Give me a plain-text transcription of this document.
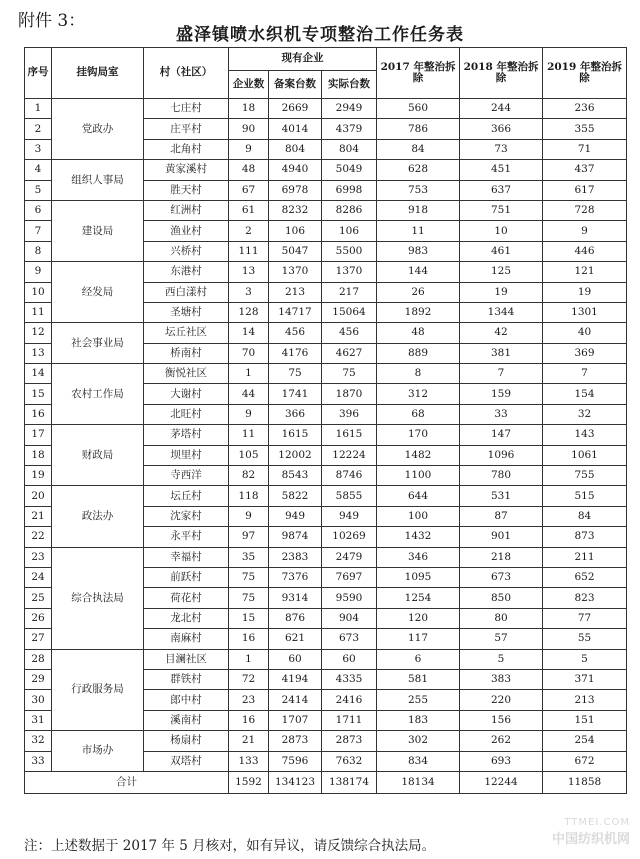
附件 3：
盛泽镇喷水织机专项整治工作任务表
序号	挂钩局室	村（社区）	现有企业			2017 年整治拆除	2018 年整治拆除	2019 年整治拆除
			企业数	备案台数	实际台数			
1	党政办	七庄村	18	2669	2949	560	244	236
2		庄平村	90	4014	4379	786	366	355
3		北角村	9	804	804	84	73	71
4	组织人事局	黄家溪村	48	4940	5049	628	451	437
5		胜天村	67	6978	6998	753	637	617
6	建设局	红洲村	61	8232	8286	918	751	728
7		渔业村	2	106	106	11	10	9
8		兴桥村	111	5047	5500	983	461	446
9	经发局	东港村	13	1370	1370	144	125	121
10		西白漾村	3	213	217	26	19	19
11		圣塘村	128	14717	15064	1892	1344	1301
12	社会事业局	坛丘社区	14	456	456	48	42	40
13		桥南村	70	4176	4627	889	381	369
14	农村工作局	衡悦社区	1	75	75	8	7	7
15		大谢村	44	1741	1870	312	159	154
16		北旺村	9	366	396	68	33	32
17	财政局	茅塔村	11	1615	1615	170	147	143
18		坝里村	105	12002	12224	1482	1096	1061
19		寺西洋	82	8543	8746	1100	780	755
20	政法办	坛丘村	118	5822	5855	644	531	515
21		沈家村	9	949	949	100	87	84
22		永平村	97	9874	10269	1432	901	873
23	综合执法局	幸福村	35	2383	2479	346	218	211
24		前跃村	75	7376	7697	1095	673	652
25		荷花村	75	9314	9590	1254	850	823
26		龙北村	15	876	904	120	80	77
27		南麻村	16	621	673	117	57	55
28	行政服务局	目澜社区	1	60	60	6	5	5
29		群铁村	72	4194	4335	581	383	371
30		郎中村	23	2414	2416	255	220	213
31		溪南村	16	1707	1711	183	156	151
32	市场办	杨扇村	21	2873	2873	302	262	254
33		双塔村	133	7596	7632	834	693	672
合计			1592	134123	138174	18134	12244	11858
注：上述数据于 2017 年 5 月核对，如有异议，请反馈综合执法局。
TTMEI.COM
中国纺织机网
